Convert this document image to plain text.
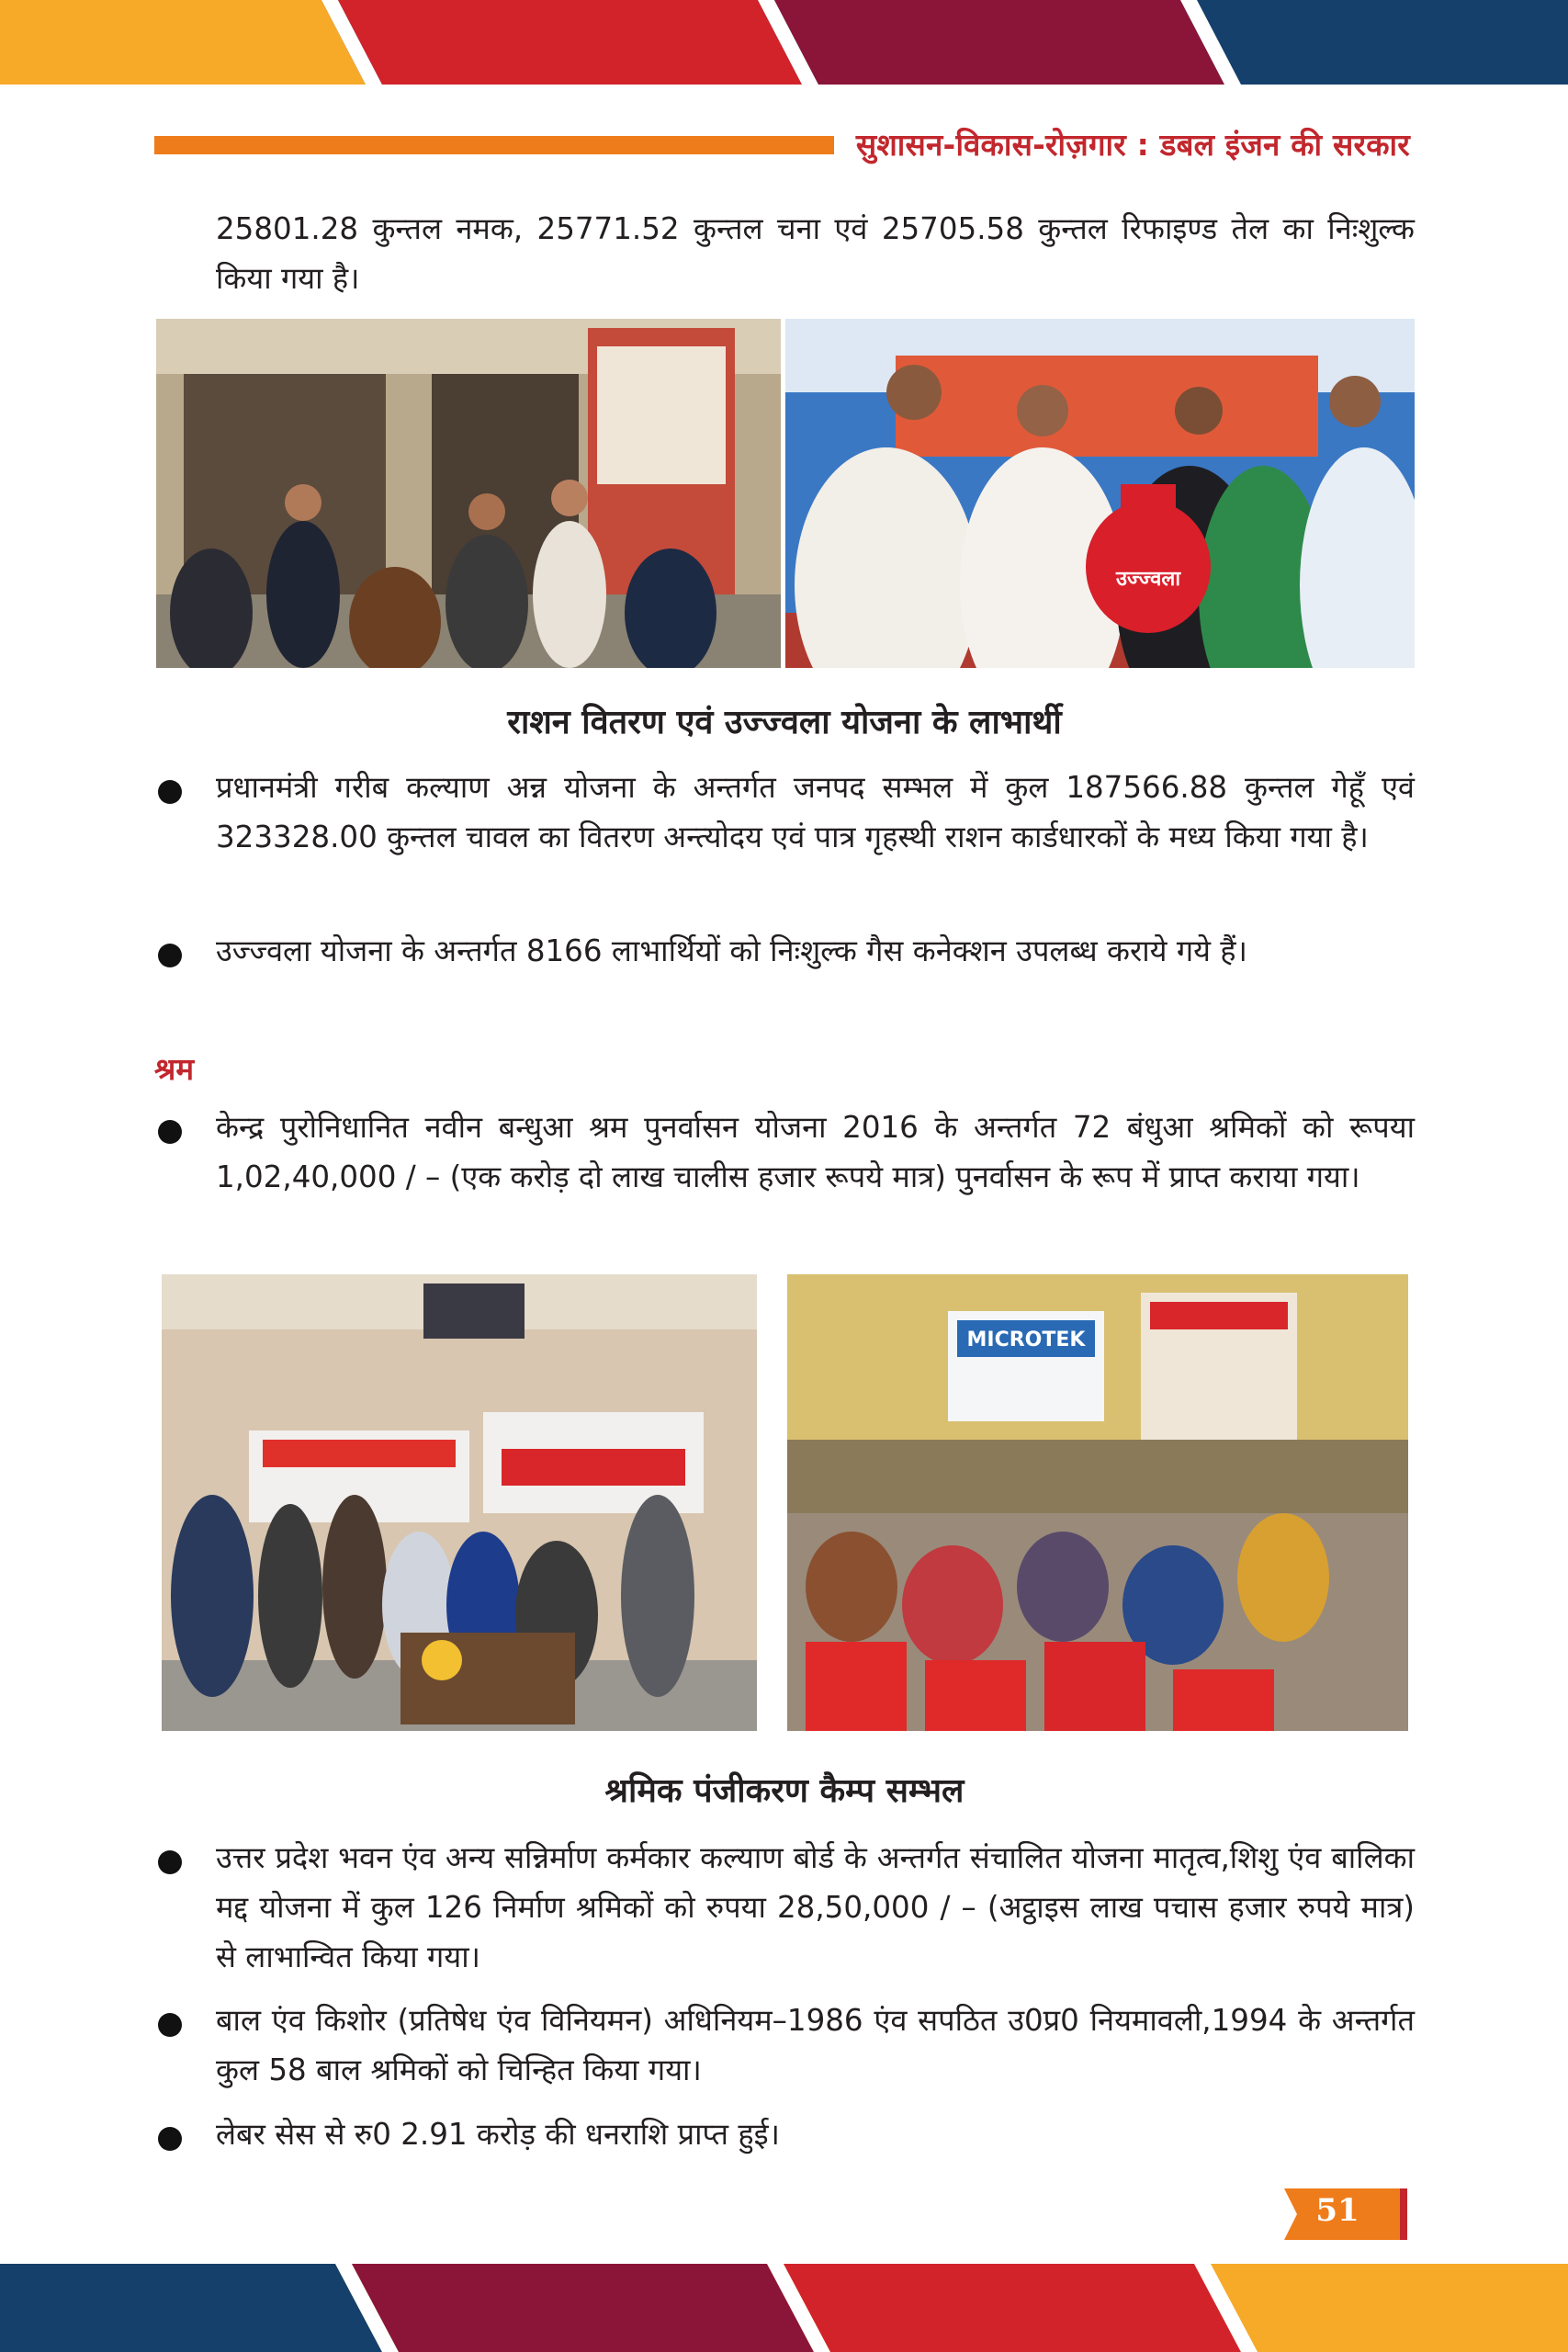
सुशासन-विकास-रोज़गार : डबल इंजन की सरकार
25801.28 कुन्तल नमक, 25771.52 कुन्तल चना एवं 25705.58 कुन्तल रिफाइण्ड तेल का निःशुल्क किया गया है।
उज्ज्वला
राशन वितरण एवं उज्ज्वला योजना के लाभार्थी
प्रधानमंत्री गरीब कल्याण अन्न योजना के अन्तर्गत जनपद सम्भल में कुल 187566.88 कुन्तल गेहूँ एवं 323328.00 कुन्तल चावल का वितरण अन्त्योदय एवं पात्र गृहस्थी राशन कार्डधारकों के मध्य किया गया है।
उज्ज्वला योजना के अन्तर्गत 8166 लाभार्थियों को निःशुल्क गैस कनेक्शन उपलब्ध कराये गये हैं।
श्रम
केन्द्र पुरोनिधानित नवीन बन्धुआ श्रम पुनर्वासन योजना 2016 के अन्तर्गत 72 बंधुआ श्रमिकों को रूपया 1,02,40,000 / – (एक करोड़ दो लाख चालीस हजार रूपये मात्र) पुनर्वासन के रूप में प्राप्त कराया गया।
MICROTEK
श्रमिक पंजीकरण कैम्प सम्भल
उत्तर प्रदेश भवन एंव अन्य सन्निर्माण कर्मकार कल्याण बोर्ड के अन्तर्गत संचालित योजना मातृत्व,शिशु एंव बालिका मद्द योजना में कुल 126 निर्माण श्रमिकों को रुपया 28,50,000 / – (अट्ठाइस लाख पचास हजार रुपये मात्र) से लाभान्वित किया गया।
बाल एंव किशोर (प्रतिषेध एंव विनियमन) अधिनियम–1986 एंव सपठित उ0प्र0 नियमावली,1994 के अन्तर्गत कुल 58 बाल श्रमिकों को चिन्हित किया गया।
लेबर सेस से रु0 2.91 करोड़ की धनराशि प्राप्त हुई।
51
